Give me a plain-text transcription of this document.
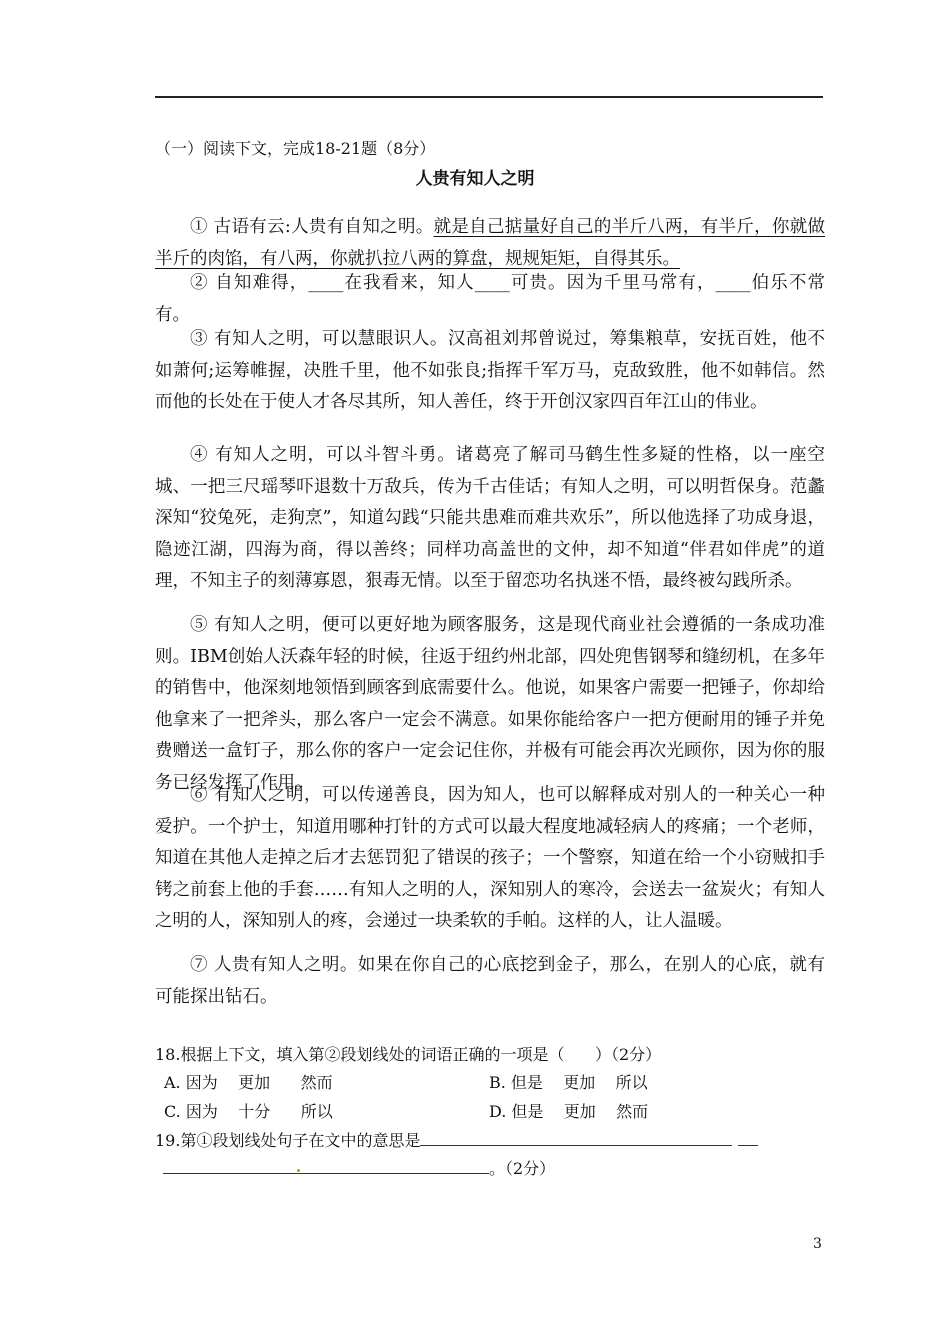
（一）阅读下文，完成18-21题（8分）
人贵有知人之明
① 古语有云:人贵有自知之明。就是自己掂量好自己的半斤八两，有半斤，你就做半斤的肉馅，有八两，你就扒拉八两的算盘，规规矩矩，自得其乐。
② 自知难得，____在我看来，知人____可贵。因为千里马常有，____伯乐不常有。
③ 有知人之明，可以慧眼识人。汉高祖刘邦曾说过，筹集粮草，安抚百姓，他不如萧何;运筹帷握，决胜千里，他不如张良;指挥千军万马，克敌致胜，他不如韩信。然而他的长处在于使人才各尽其所，知人善任，终于开创汉家四百年江山的伟业。
④ 有知人之明，可以斗智斗勇。诸葛亮了解司马鹤生性多疑的性格，以一座空城、一把三尺瑶琴吓退数十万敌兵，传为千古佳话；有知人之明，可以明哲保身。范蠡深知“狡兔死，走狗烹”，知道勾践“只能共患难而难共欢乐”，所以他选择了功成身退，隐迹江湖，四海为商，得以善终；同样功高盖世的文仲，却不知道“伴君如伴虎”的道理，不知主子的刻薄寡恩，狠毒无情。以至于留恋功名执迷不悟，最终被勾践所杀。
⑤ 有知人之明，便可以更好地为顾客服务，这是现代商业社会遵循的一条成功准则。IBM创始人沃森年轻的时候，往返于纽约州北部，四处兜售钢琴和缝纫机，在多年的销售中，他深刻地领悟到顾客到底需要什么。他说，如果客户需要一把锤子，你却给他拿来了一把斧头，那么客户一定会不满意。如果你能给客户一把方便耐用的锤子并免费赠送一盒钉子，那么你的客户一定会记住你，并极有可能会再次光顾你，因为你的服务已经发挥了作用。
⑥ 有知人之明，可以传递善良，因为知人，也可以解释成对别人的一种关心一种爱护。一个护士，知道用哪种打针的方式可以最大程度地减轻病人的疼痛；一个老师，知道在其他人走掉之后才去惩罚犯了错误的孩子；一个警察，知道在给一个小窃贼扣手铐之前套上他的手套……有知人之明的人，深知别人的寒冷，会送去一盆炭火；有知人之明的人，深知别人的疼，会递过一块柔软的手帕。这样的人，让人温暖。
⑦ 人贵有知人之明。如果在你自己的心底挖到金子，那么，在别人的心底，就有可能探出钻石。
18.根据上下文，填入第②段划线处的词语正确的一项是（      ）（2分）
A. 因为    更加      然而	B. 但是    更加    所以
C. 因为    十分      所以	D. 但是    更加    然而
19.第①段划线处句子在文中的意思是
。（2分）
3
